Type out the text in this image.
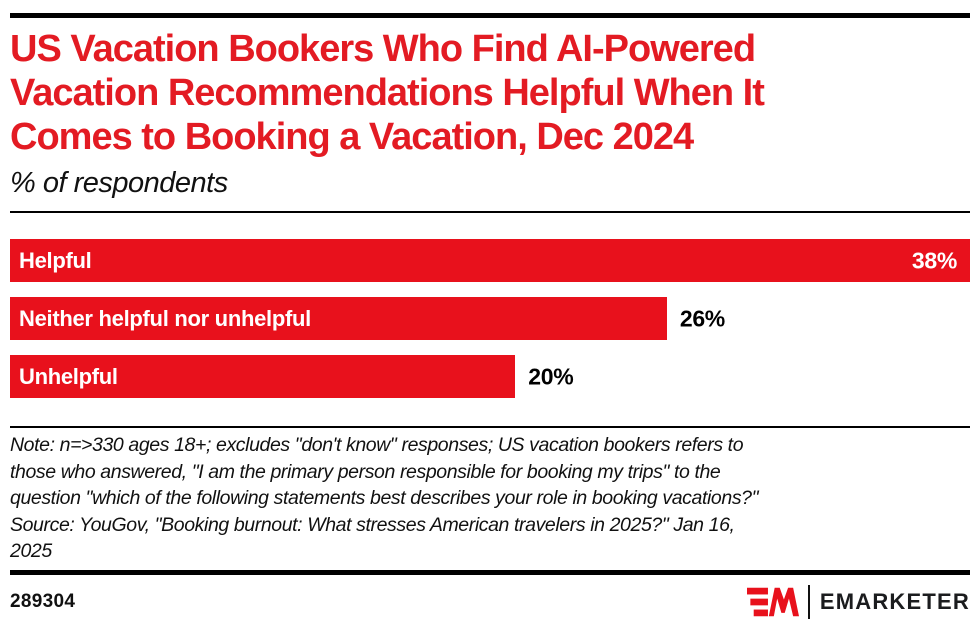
US Vacation Bookers Who Find AI-Powered
Vacation Recommendations Helpful When It
Comes to Booking a Vacation, Dec 2024
% of respondents
Helpful	38%
Neither helpful nor unhelpful	26%
Unhelpful	20%
Note: n=>330 ages 18+; excludes "don't know" responses; US vacation bookers refers to
those who answered, "I am the primary person responsible for booking my trips" to the
question "which of the following statements best describes your role in booking vacations?"
Source: YouGov, "Booking burnout: What stresses American travelers in 2025?" Jan 16,
2025
289304	EMARKETER
